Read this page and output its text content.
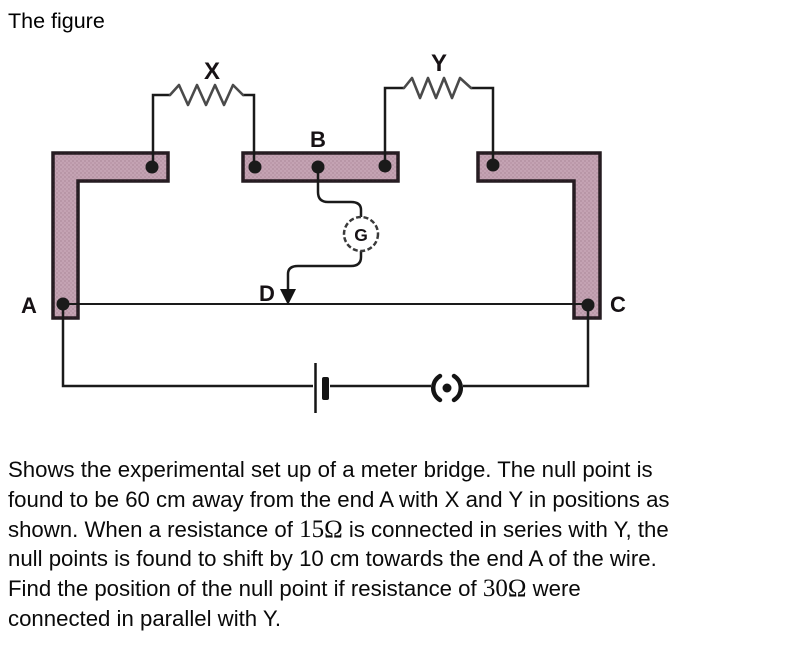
The figure
G
X	Y
B
A	C
D
Shows the experimental set up of a meter bridge. The null point is
found to be 60 cm away from the end A with X and Y in positions as
shown. When a resistance of 15Ω is connected in series with Y, the
null points is found to shift by 10 cm towards the end A of the wire.
Find the position of the null point if resistance of 30Ω were
connected in parallel with Y.
